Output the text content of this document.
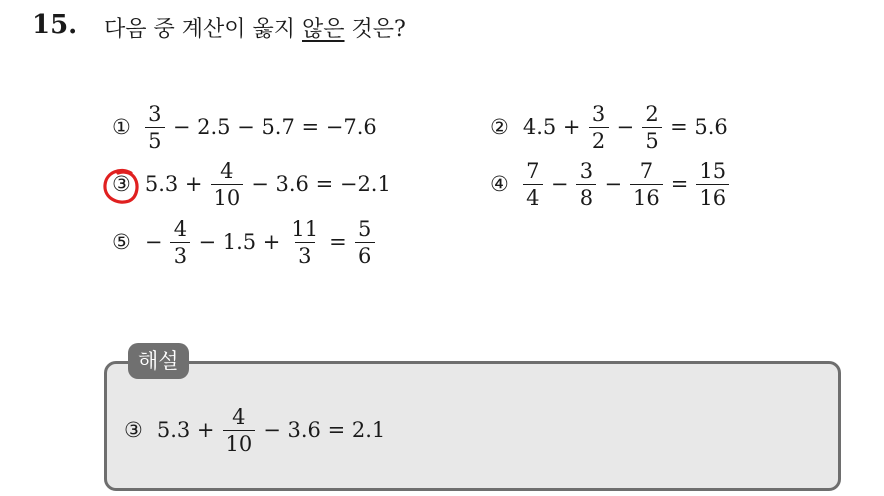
15. 다음 중 계산이 옳지 않은 것은?
① $\frac{3}{5} - 2.5 - 5.7 = -7.6$	② $4.5 + \frac{3}{2} - \frac{2}{5} = 5.6$
③ $5.3 + \frac{4}{10} - 3.6 = -2.1$	④ $\frac{7}{4} - \frac{3}{8} - \frac{7}{16} = \frac{15}{16}$
⑤ − $\frac{4}{3} - 1.5 + \frac{11}{3} = \frac{5}{6}$
해설
③ $5.3 + \frac{4}{10} - 3.6 = 2.1$
